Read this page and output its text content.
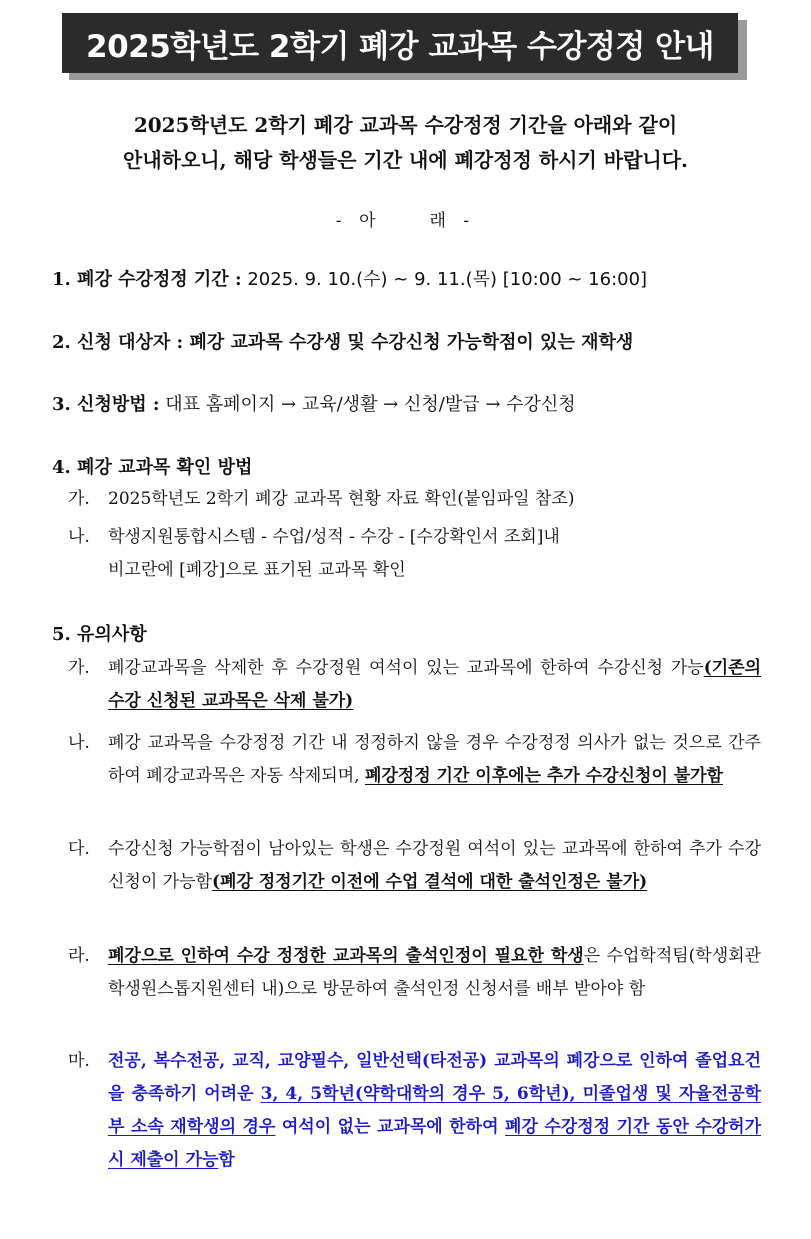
2025학년도 2학기 폐강 교과목 수강정정 안내
2025학년도 2학기 폐강 교과목 수강정정 기간을 아래와 같이
안내하오니, 해당 학생들은 기간 내에 폐강정정 하시기 바랍니다.
- 아	래 -
1. 폐강 수강정정 기간 : 2025. 9. 10.(수) ~ 9. 11.(목) [10:00 ~ 16:00]
2. 신청 대상자 : 폐강 교과목 수강생 및 수강신청 가능학점이 있는 재학생
3. 신청방법 : 대표 홈페이지 → 교육/생활 → 신청/발급 → 수강신청
4. 폐강 교과목 확인 방법
가. 2025학년도 2학기 폐강 교과목 현황 자료 확인(붙임파일 참조)
나. 학생지원통합시스템 - 수업/성적 - 수강 - [수강확인서 조회]내
비고란에 [폐강]으로 표기된 교과목 확인
5. 유의사항
가. 폐강교과목을 삭제한 후 수강정원 여석이 있는 교과목에 한하여 수강신청 가능(기존의 수강 신청된 교과목은 삭제 불가)
나. 폐강 교과목을 수강정정 기간 내 정정하지 않을 경우 수강정정 의사가 없는 것으로 간주하여 폐강교과목은 자동 삭제되며, 폐강정정 기간 이후에는 추가 수강신청이 불가함
다. 수강신청 가능학점이 남아있는 학생은 수강정원 여석이 있는 교과목에 한하여 추가 수강 신청이 가능함(폐강 정정기간 이전에 수업 결석에 대한 출석인정은 불가)
라. 폐강으로 인하여 수강 정정한 교과목의 출석인정이 필요한 학생은 수업학적팀(학생회관 학생원스톱지원센터 내)으로 방문하여 출석인정 신청서를 배부 받아야 함
마. 전공, 복수전공, 교직, 교양필수, 일반선택(타전공) 교과목의 폐강으로 인하여 졸업요건을 충족하기 어려운 3, 4, 5학년(약학대학의 경우 5, 6학년), 미졸업생 및 자율전공학부 소속 재학생의 경우 여석이 없는 교과목에 한하여 폐강 수강정정 기간 동안 수강허가시 제출이 가능함
